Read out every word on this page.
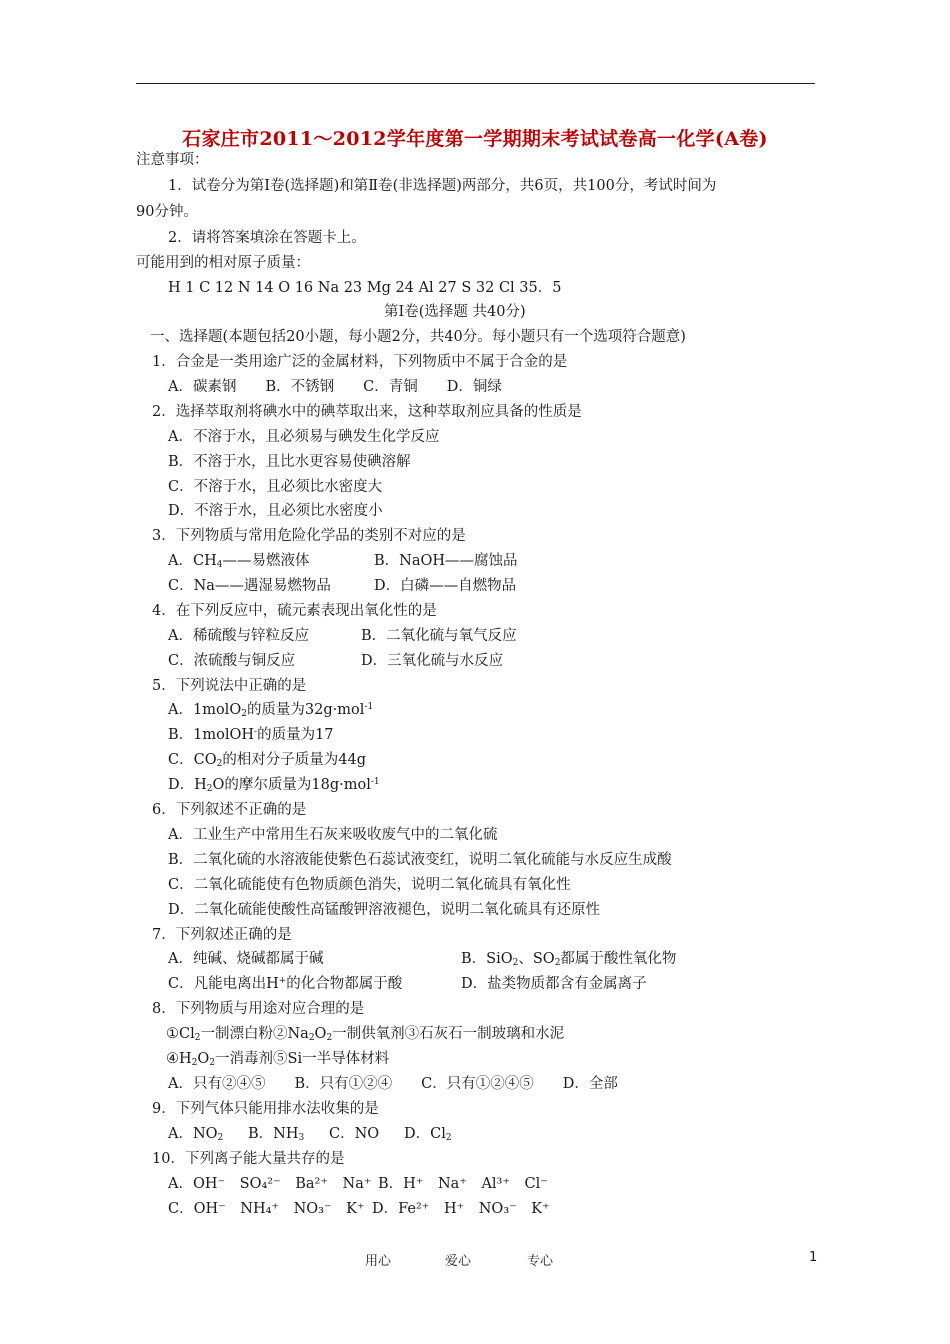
石家庄市2011～2012学年度第一学期期末考试试卷高一化学(A卷)
注意事项：
1．试卷分为第Ⅰ卷(选择题)和第Ⅱ卷(非选择题)两部分，共6页，共100分，考试时间为
90分钟。
2．请将答案填涂在答题卡上。
可能用到的相对原子质量：
H 1 C 12 N 14 O 16 Na 23 Mg 24 Al 27 S 32 Cl 35．5
第Ⅰ卷(选择题 共40分)
一、选择题(本题包括20小题，每小题2分，共40分。每小题只有一个选项符合题意)
1．合金是一类用途广泛的金属材料，下列物质中不属于合金的是
A．碳素钢　　B．不锈钢　　C．青铜　　D．铜绿
2．选择萃取剂将碘水中的碘萃取出来，这种萃取剂应具备的性质是
A．不溶于水，且必须易与碘发生化学反应
B．不溶于水，且比水更容易使碘溶解
C．不溶于水，且必须比水密度大
D．不溶于水，且必须比水密度小
3．下列物质与常用危险化学品的类别不对应的是
A．$CH_4——$易燃液体	B．NaOH——腐蚀品
C．Na——遇湿易燃物品	D．白磷——自燃物品
4．在下列反应中，硫元素表现出氧化性的是
A．稀硫酸与锌粒反应	B．二氧化硫与氧气反应
C．浓硫酸与铜反应	D．三氧化硫与水反应
5．下列说法中正确的是
A．1molO$_2$的质量为32g·mol$^{-1}$
B．1molOH-的质量为17
C．$CO_2$的相对分子质量为44g
D．$H_2O$的摩尔质量为18g·mol$^{-1}$
6．下列叙述不正确的是
A．工业生产中常用生石灰来吸收废气中的二氧化硫
B．二氧化硫的水溶液能使紫色石蕊试液变红，说明二氧化硫能与水反应生成酸
C．二氧化硫能使有色物质颜色消失，说明二氧化硫具有氧化性
D．二氧化硫能使酸性高锰酸钾溶液褪色，说明二氧化硫具有还原性
7．下列叙述正确的是
A．纯碱、烧碱都属于碱	B．SiO$_2$、$SO_2$都属于酸性氧化物
C．凡能电离出H+的化合物都属于酸	D．盐类物质都含有金属离子
8．下列物质与用途对应合理的是
$①Cl_2$一制漂白粉$②Na_2O_2$一制供氧剂③石灰石一制玻璃和水泥
$④H_2O_2$一消毒剂⑤Si一半导体材料
A．只有②④⑤　　B．只有①②④　　C．只有①②④⑤　　D．全部
9．下列气体只能用排水法收集的是
A．$NO_2$ B．$NH_3$ C．NO D．$Cl_2$
10．下列离子能大量共存的是
A．OH⁻　SO₄²⁻　Ba²⁺　Na⁺ B．H⁺　Na⁺　Al³⁺　Cl⁻
C．OH⁻　NH₄⁺　NO₃⁻　K⁺ D．Fe²⁺　H⁺　NO₃⁻　K⁺
用心	爱心	专心	1
